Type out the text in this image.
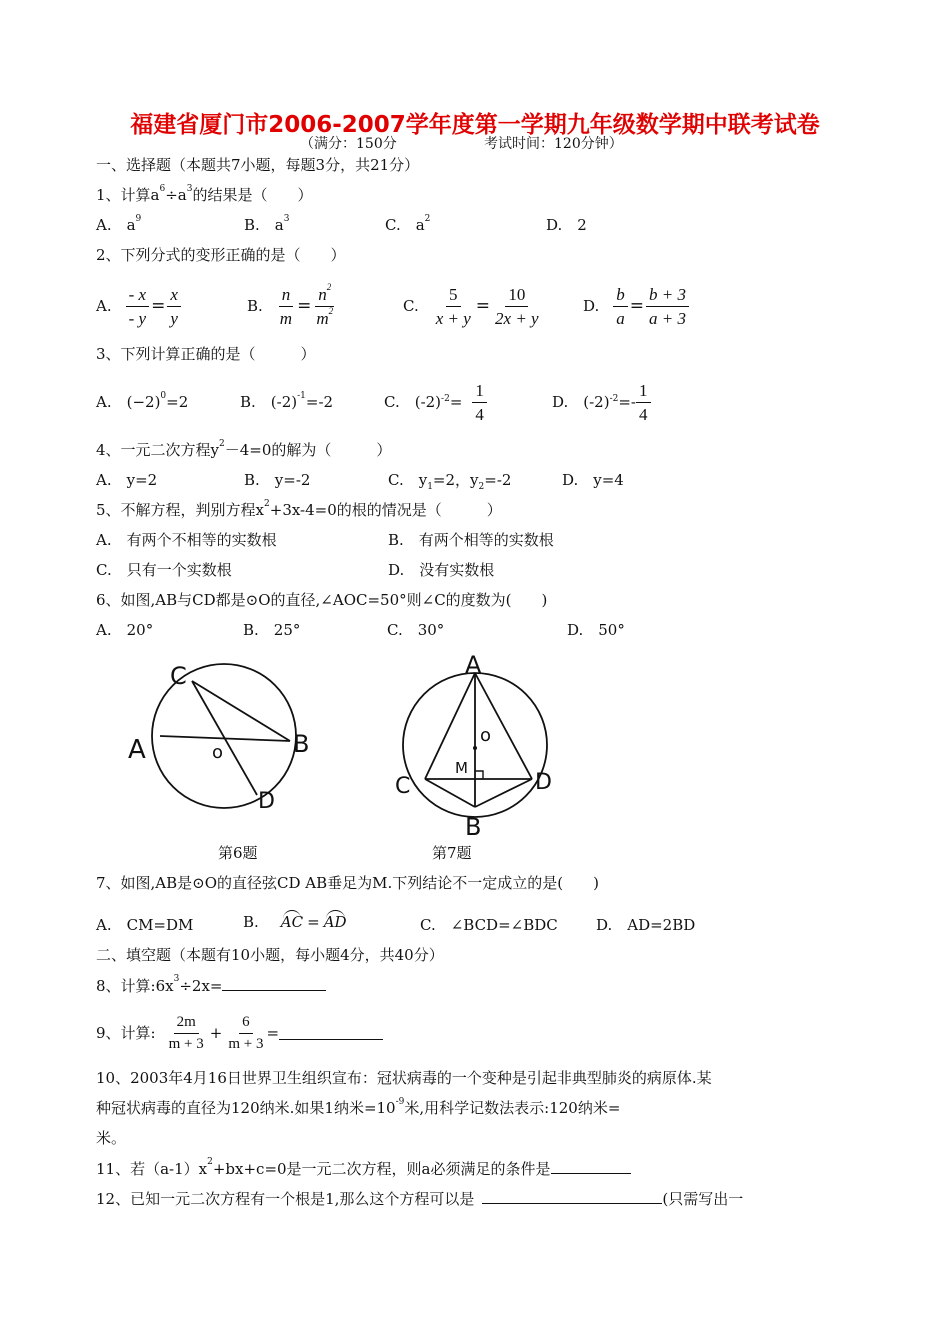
福建省厦门市2006-2007学年度第一学期九年级数学期中联考试卷
（满分：150分	考试时间：120分钟）
一、选择题（本题共7小题，每题3分，共21分）
1、计算$a^6\div a^3$的结果是（　　）
A.　$a^9$	B.　$a^3$	C.　$a^2$	D.　2
2、下列分式的变形正确的是（　　）
A. $\frac{- x}{- y} = \frac{x}{y}$	B. $\frac{n}{m} = \frac{n^2}{m^2}$	C. $\frac{5}{x + y} = \frac{10}{2x + y}$	D. $\frac{b}{a} = \frac{b + 3}{a + 3}$
3、下列计算正确的是（　　　）
A.　$(-2)^0=2$	B.　$(-2)^{-1}=-2$	C.　$(-2)^{-2} = \frac{1}{4}$	D.　$(-2)^{-2} =- \frac{1}{4}$
4、一元二次方程$y^2-4=0$的解为（　　　）
A.　y=2	B.　y=-2	C.　$y_1=2$，$y_2=-2$	D.　y=4
5、不解方程，判别方程$x^2+3x-4=0$的根的情况是（　　　）
A.　有两个不相等的实数根	B.　有两个相等的实数根
C.　只有一个实数根	D.　没有实数根
6、如图,AB与CD都是⊙O的直径,∠AOC=50°则∠C的度数为(　　)
A.　20°	B.　25°	C.　30°	D.　50°
A	B
C
D
o
第6题
A
B
C	D
o
M
第7题
7、如图,AB是⊙O的直径弦CD AB垂足为M.下列结论不一定成立的是(　　)
A.　CM=DM	B. AC = AD	C.　∠BCD=∠BDC	D.　AD=2BD
二、填空题（本题有10小题，每小题4分，共40分）
8、计算$:6x^3\div 2x=$
9、计算: $\frac{2m}{m + 3} + \frac{6}{m + 3}$ =
10、2003年4月16日世界卫生组织宣布：冠状病毒的一个变种是引起非典型肺炎的病原体.某
种冠状病毒的直径为120纳米.如果1纳米$=10^{-9}$米,用科学记数法表示:120纳米=
米。
11、若$(a-1)x^2+bx+c=0$是一元二次方程，则a必须满足的条件是
12、已知一元二次方程有一个根是1,那么这个方程可以是	(只需写出一
